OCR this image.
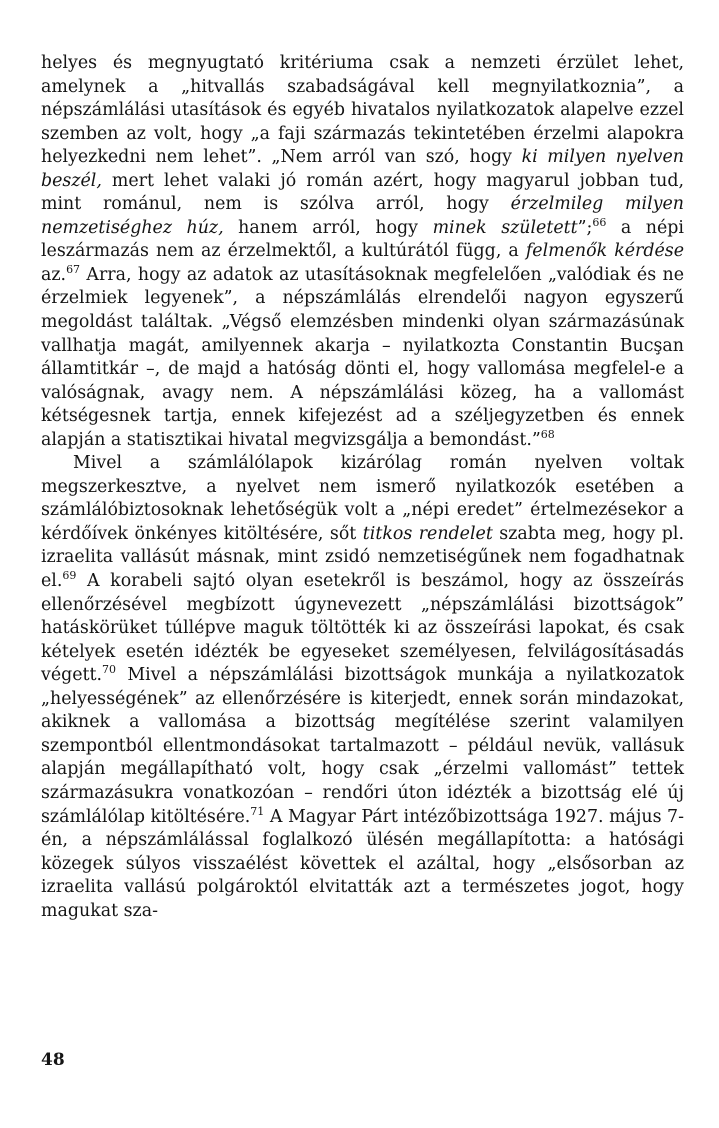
helyes és megnyugtató kritériuma csak a nemzeti érzület lehet, amelynek a „hitvallás szabadságával kell megnyilatkoznia”, a népszámlálási utasítások és egyéb hivatalos nyilatkozatok alapelve ezzel szemben az volt, hogy „a faji származás tekintetében érzelmi alapokra helyezkedni nem lehet”. „Nem arról van szó, hogy ki milyen nyelven beszél, mert lehet valaki jó román azért, hogy magyarul jobban tud, mint románul, nem is szólva arról, hogy érzelmileg milyen nemzetiséghez húz, hanem arról, hogy minek született”;$^{66}$ a népi leszármazás nem az érzelmektől, a kultúrától függ, a felmenők kérdése az.$^{67}$ Arra, hogy az adatok az utasításoknak megfelelően „valódiak és ne érzelmiek legyenek”, a népszámlálás elrendelői nagyon egyszerű megoldást találtak. „Végső elemzésben mindenki olyan származásúnak vallhatja magát, amilyennek akarja – nyilatkozta Constantin Bucşan államtitkár –, de majd a hatóság dönti el, hogy vallomása megfelel-e a valóságnak, avagy nem. A népszámlálási közeg, ha a vallomást kétségesnek tartja, ennek kifejezést ad a széljegyzetben és ennek alapján a statisztikai hivatal megvizsgálja a bemondást.”$^{68}$

Mivel a számlálólapok kizárólag román nyelven voltak megszerkesztve, a nyelvet nem ismerő nyilatkozók esetében a számlálóbiztosoknak lehetőségük volt a „népi eredet” értelmezésekor a kérdőívek önkényes kitöltésére, sőt titkos rendelet szabta meg, hogy pl. izraelita vallásút másnak, mint zsidó nemzetiségűnek nem fogadhatnak el.$^{69}$ A korabeli sajtó olyan esetekről is beszámol, hogy az összeírás ellenőrzésével megbízott úgynevezett „népszámlálási bizottságok” hatáskörüket túllépve maguk töltötték ki az összeírási lapokat, és csak kételyek esetén idézték be egyeseket személyesen, felvilágosításadás végett.$^{70}$ Mivel a népszámlálási bizottságok munkája a nyilatkozatok „helyességének” az ellenőrzésére is kiterjedt, ennek során mindazokat, akiknek a vallomása a bizottság megítélése szerint valamilyen szempontból ellentmondásokat tartalmazott – például nevük, vallásuk alapján megállapítható volt, hogy csak „érzelmi vallomást” tettek származásukra vonatkozóan – rendőri úton idézték a bizottság elé új számlálólap kitöltésére.$^{71}$ A Magyar Párt intézőbizottsága 1927. május 7-én, a népszámlálással foglalkozó ülésén megállapította: a hatósági közegek súlyos visszaélést követtek el azáltal, hogy „elsősorban az izraelita vallású polgároktól elvitatták azt a természetes jogot, hogy magukat sza-

48
